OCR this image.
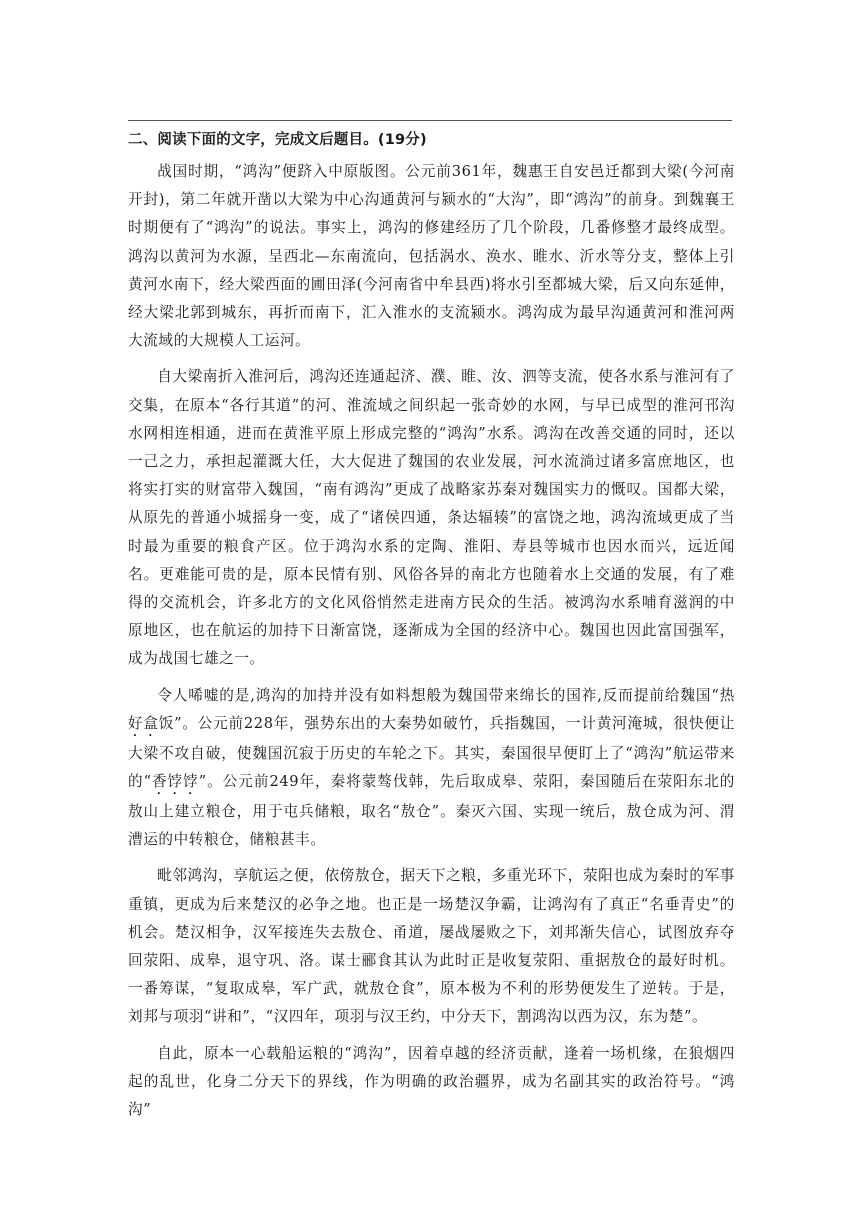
二、阅读下面的文字，完成文后题目。(19分)

战国时期，“鸿沟”便跻入中原版图。公元前361年，魏惠王自安邑迁都到大梁(今河南开封)，第二年就开凿以大梁为中心沟通黄河与颍水的“大沟”，即“鸿沟”的前身。到魏襄王时期便有了“鸿沟”的说法。事实上，鸿沟的修建经历了几个阶段，几番修整才最终成型。鸿沟以黄河为水源，呈西北—东南流向，包括涡水、涣水、睢水、沂水等分支，整体上引黄河水南下，经大梁西面的圃田泽(今河南省中牟县西)将水引至都城大梁，后又向东延伸，经大梁北郭到城东，再折而南下，汇入淮水的支流颍水。鸿沟成为最早沟通黄河和淮河两大流域的大规模人工运河。

自大梁南折入淮河后，鸿沟还连通起济、濮、睢、汝、泗等支流，使各水系与淮河有了交集，在原本“各行其道”的河、淮流域之间织起一张奇妙的水网，与早已成型的淮河邗沟水网相连相通，进而在黄淮平原上形成完整的“鸿沟”水系。鸿沟在改善交通的同时，还以一己之力，承担起灌溉大任，大大促进了魏国的农业发展，河水流淌过诸多富庶地区，也将实打实的财富带入魏国，“南有鸿沟”更成了战略家苏秦对魏国实力的慨叹。国都大梁，从原先的普通小城摇身一变，成了“诸侯四通，条达辐辏”的富饶之地，鸿沟流域更成了当时最为重要的粮食产区。位于鸿沟水系的定陶、淮阳、寿县等城市也因水而兴，远近闻名。更难能可贵的是，原本民情有别、风俗各异的南北方也随着水上交通的发展，有了难得的交流机会，许多北方的文化风俗悄然走进南方民众的生活。被鸿沟水系哺育滋润的中原地区，也在航运的加持下日渐富饶，逐渐成为全国的经济中心。魏国也因此富国强军，成为战国七雄之一。

令人唏嘘的是,鸿沟的加持并没有如料想般为魏国带来绵长的国祚,反而提前给魏国“热好盒饭”。公元前228年，强势东出的大秦势如破竹，兵指魏国，一计黄河淹城，很快便让大梁不攻自破，使魏国沉寂于历史的车轮之下。其实，秦国很早便盯上了“鸿沟”航运带来的“香饽饽”。公元前249年，秦将蒙骜伐韩，先后取成皋、荥阳，秦国随后在荥阳东北的敖山上建立粮仓，用于屯兵储粮，取名“敖仓”。秦灭六国、实现一统后，敖仓成为河、渭漕运的中转粮仓，储粮甚丰。

毗邻鸿沟，享航运之便，依傍敖仓，据天下之粮，多重光环下，荥阳也成为秦时的军事重镇，更成为后来楚汉的必争之地。也正是一场楚汉争霸，让鸿沟有了真正“名垂青史”的机会。楚汉相争，汉军接连失去敖仓、甬道，屡战屡败之下，刘邦渐失信心，试图放弃夺回荥阳、成皋，退守巩、洛。谋士郦食其认为此时正是收复荥阳、重据敖仓的最好时机。一番筹谋，“复取成皋，军广武，就敖仓食”，原本极为不利的形势便发生了逆转。于是，刘邦与项羽“讲和”，“汉四年，项羽与汉王约，中分天下，割鸿沟以西为汉，东为楚”。

自此，原本一心载船运粮的“鸿沟”，因着卓越的经济贡献，逢着一场机缘，在狼烟四起的乱世，化身二分天下的界线，作为明确的政治疆界，成为名副其实的政治符号。“鸿沟”
